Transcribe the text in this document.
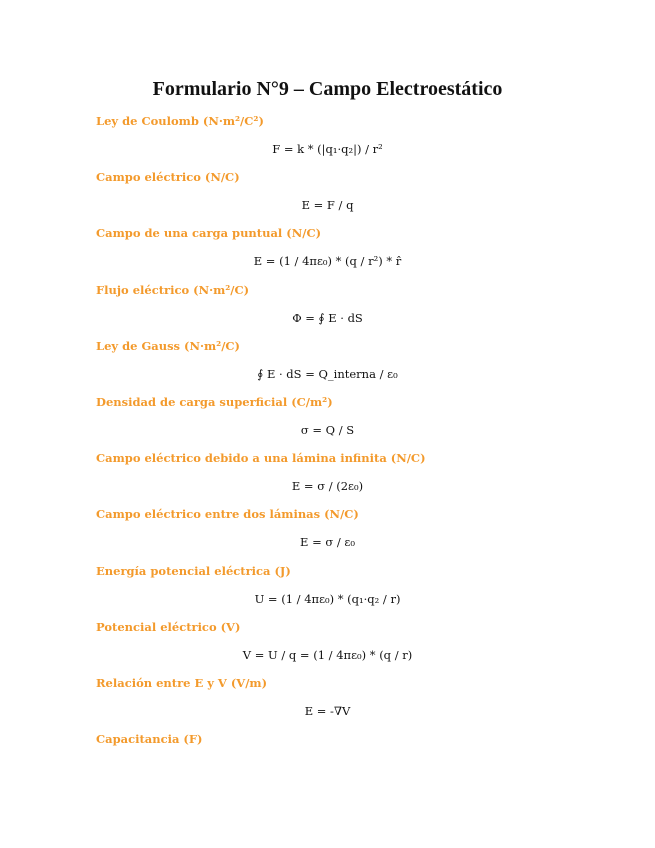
Formulario N°9 – Campo Electroestático
Ley de Coulomb (N·m²/C²)
F = k * (|q₁·q₂|) / r²
Campo eléctrico (N/C)
E = F / q
Campo de una carga puntual (N/C)
E = (1 / 4πε₀) * (q / r²) * r̂
Flujo eléctrico (N·m²/C)
Φ = ∮ E · dS
Ley de Gauss (N·m²/C)
∮ E · dS = Q_interna / ε₀
Densidad de carga superficial (C/m²)
σ = Q / S
Campo eléctrico debido a una lámina infinita (N/C)
E = σ / (2ε₀)
Campo eléctrico entre dos láminas (N/C)
E = σ / ε₀
Energía potencial eléctrica (J)
U = (1 / 4πε₀) * (q₁·q₂ / r)
Potencial eléctrico (V)
V = U / q = (1 / 4πε₀) * (q / r)
Relación entre E y V (V/m)
E = -∇V
Capacitancia (F)
